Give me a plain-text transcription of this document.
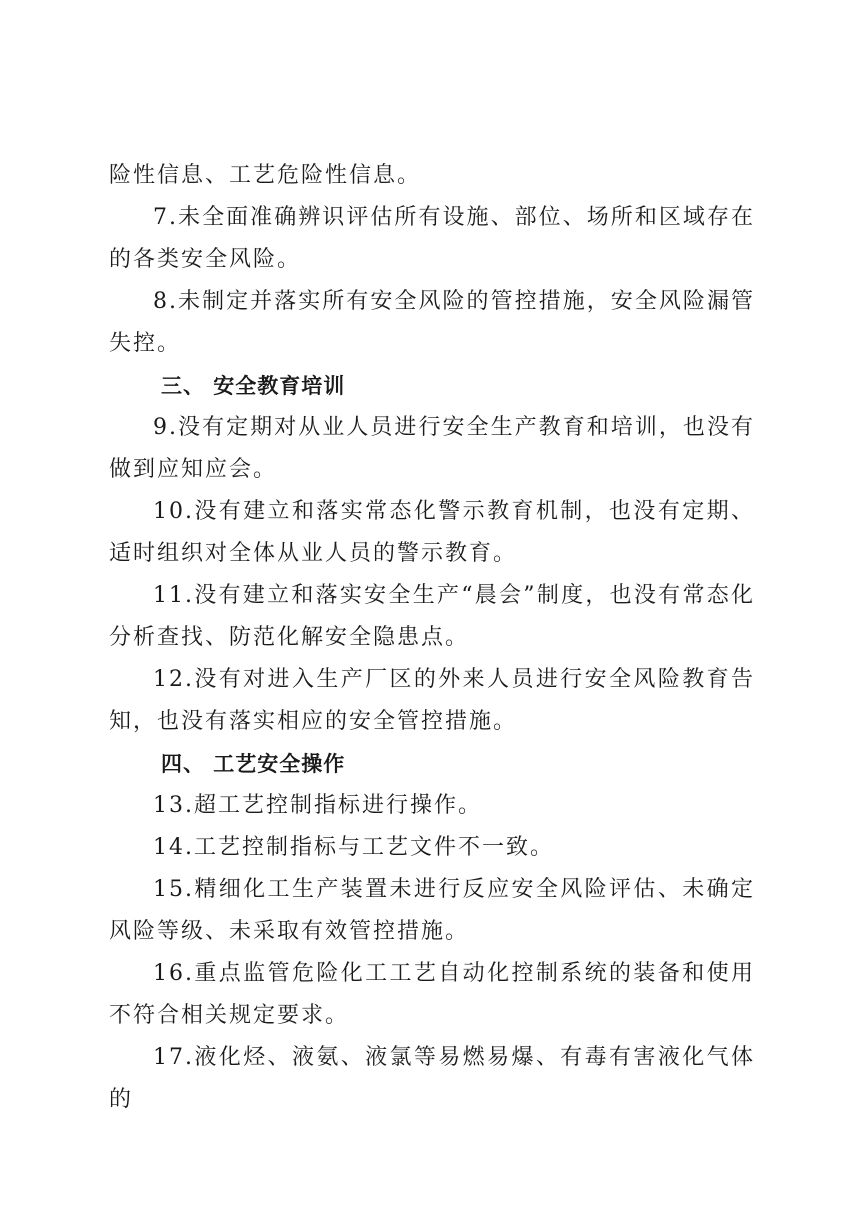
险性信息、工艺危险性信息。

7.未全面准确辨识评估所有设施、部位、场所和区域存在的各类安全风险。

8.未制定并落实所有安全风险的管控措施，安全风险漏管失控。

三、 安全教育培训

9.没有定期对从业人员进行安全生产教育和培训，也没有做到应知应会。

10.没有建立和落实常态化警示教育机制，也没有定期、适时组织对全体从业人员的警示教育。

11.没有建立和落实安全生产“晨会”制度，也没有常态化分析查找、防范化解安全隐患点。

12.没有对进入生产厂区的外来人员进行安全风险教育告知，也没有落实相应的安全管控措施。

四、 工艺安全操作

13.超工艺控制指标进行操作。

14.工艺控制指标与工艺文件不一致。

15.精细化工生产装置未进行反应安全风险评估、未确定风险等级、未采取有效管控措施。

16.重点监管危险化工工艺自动化控制系统的装备和使用不符合相关规定要求。

17.液化烃、液氨、液氯等易燃易爆、有毒有害液化气体的
